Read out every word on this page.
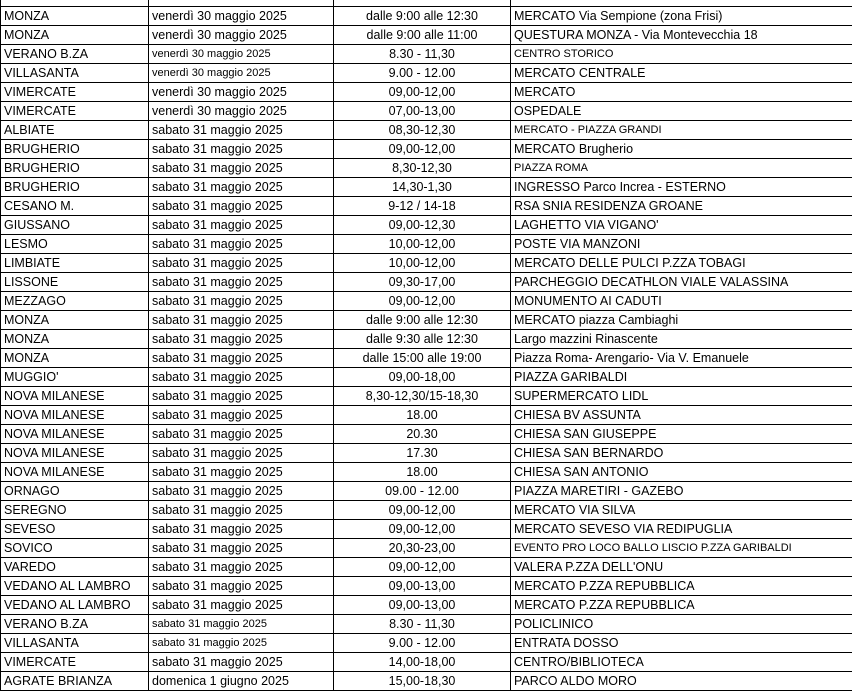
MONZA	venerdì 30 maggio 2025	dalle 9:00 alle 12:30	MERCATO Via Sempione (zona Frisi)
MONZA	venerdì 30 maggio 2025	dalle 9:00 alle 11:00	QUESTURA MONZA - Via Montevecchia 18
VERANO B.ZA	venerdì 30 maggio 2025	8.30 - 11,30	CENTRO STORICO
VILLASANTA	venerdì 30 maggio 2025	9.00 - 12.00	MERCATO CENTRALE
VIMERCATE	venerdì 30 maggio 2025	09,00-12,00	MERCATO
VIMERCATE	venerdì 30 maggio 2025	07,00-13,00	OSPEDALE
ALBIATE	sabato 31 maggio 2025	08,30-12,30	MERCATO - PIAZZA GRANDI
BRUGHERIO	sabato 31 maggio 2025	09,00-12,00	MERCATO Brugherio
BRUGHERIO	sabato 31 maggio 2025	8,30-12,30	PIAZZA ROMA
BRUGHERIO	sabato 31 maggio 2025	14,30-1,30	INGRESSO Parco Increa - ESTERNO
CESANO M.	sabato 31 maggio 2025	9-12 / 14-18	RSA SNIA RESIDENZA GROANE
GIUSSANO	sabato 31 maggio 2025	09,00-12,30	LAGHETTO VIA VIGANO'
LESMO	sabato 31 maggio 2025	10,00-12,00	POSTE VIA MANZONI
LIMBIATE	sabato 31 maggio 2025	10,00-12,00	MERCATO DELLE PULCI P.ZZA TOBAGI
LISSONE	sabato 31 maggio 2025	09,30-17,00	PARCHEGGIO DECATHLON VIALE VALASSINA
MEZZAGO	sabato 31 maggio 2025	09,00-12,00	MONUMENTO AI CADUTI
MONZA	sabato 31 maggio 2025	dalle 9:00 alle 12:30	MERCATO piazza Cambiaghi
MONZA	sabato 31 maggio 2025	dalle 9:30 alle 12:30	Largo mazzini Rinascente
MONZA	sabato 31 maggio 2025	dalle 15:00 alle 19:00	Piazza Roma- Arengario- Via V. Emanuele
MUGGIO'	sabato 31 maggio 2025	09,00-18,00	PIAZZA GARIBALDI
NOVA MILANESE	sabato 31 maggio 2025	8,30-12,30/15-18,30	SUPERMERCATO LIDL
NOVA MILANESE	sabato 31 maggio 2025	18.00	CHIESA BV ASSUNTA
NOVA MILANESE	sabato 31 maggio 2025	20.30	CHIESA SAN GIUSEPPE
NOVA MILANESE	sabato 31 maggio 2025	17.30	CHIESA SAN BERNARDO
NOVA MILANESE	sabato 31 maggio 2025	18.00	CHIESA SAN ANTONIO
ORNAGO	sabato 31 maggio 2025	09.00 - 12.00	PIAZZA MARETIRI - GAZEBO
SEREGNO	sabato 31 maggio 2025	09,00-12,00	MERCATO VIA SILVA
SEVESO	sabato 31 maggio 2025	09,00-12,00	MERCATO SEVESO VIA REDIPUGLIA
SOVICO	sabato 31 maggio 2025	20,30-23,00	EVENTO PRO LOCO BALLO LISCIO P.ZZA GARIBALDI
VAREDO	sabato 31 maggio 2025	09,00-12,00	VALERA P.ZZA DELL'ONU
VEDANO AL LAMBRO	sabato 31 maggio 2025	09,00-13,00	MERCATO P.ZZA REPUBBLICA
VEDANO AL LAMBRO	sabato 31 maggio 2025	09,00-13,00	MERCATO P.ZZA REPUBBLICA
VERANO B.ZA	sabato 31 maggio 2025	8.30 - 11,30	POLICLINICO
VILLASANTA	sabato 31 maggio 2025	9.00 - 12.00	ENTRATA DOSSO
VIMERCATE	sabato 31 maggio 2025	14,00-18,00	CENTRO/BIBLIOTECA
AGRATE BRIANZA	domenica 1 giugno 2025	15,00-18,30	PARCO ALDO MORO
